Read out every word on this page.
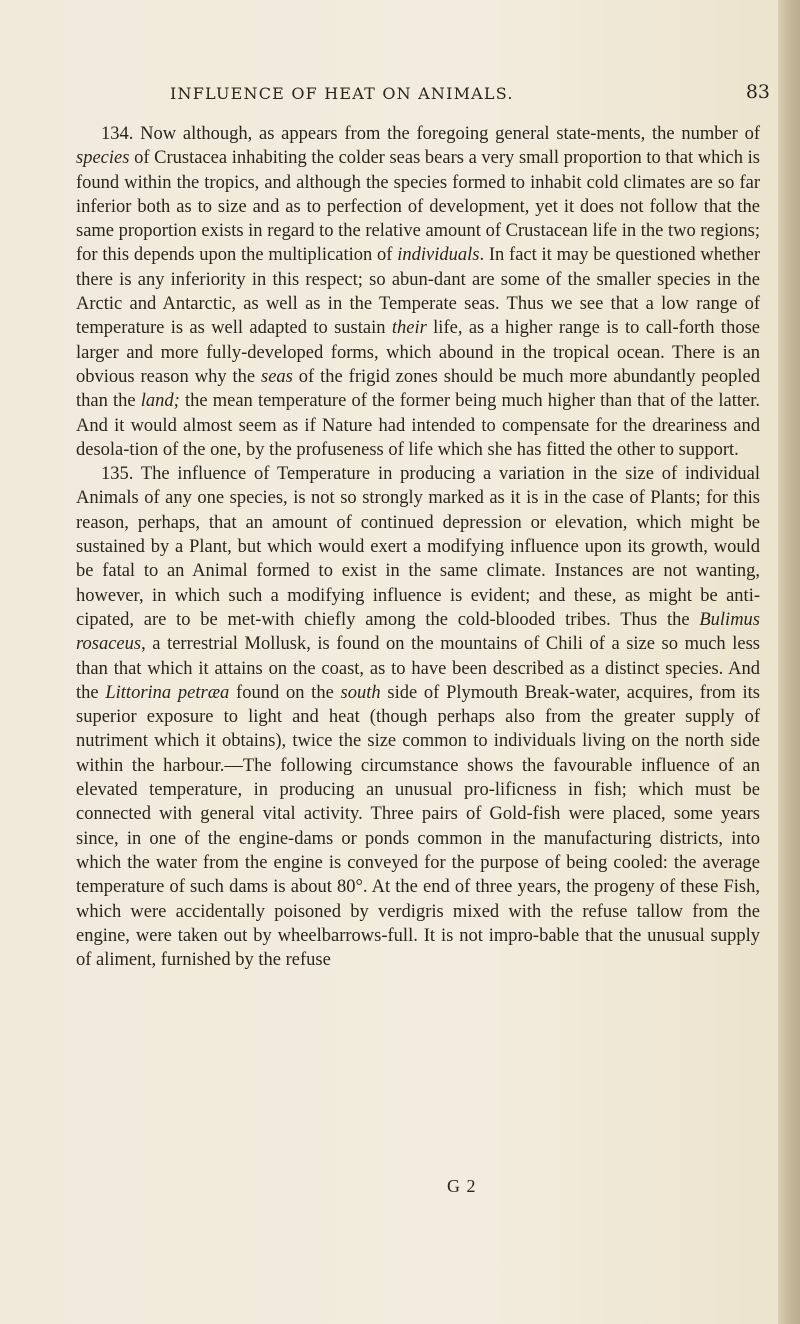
INFLUENCE OF HEAT ON ANIMALS.	83

134. Now although, as appears from the foregoing general state-ments, the number of species of Crustacea inhabiting the colder seas bears a very small proportion to that which is found within the tropics, and although the species formed to inhabit cold climates are so far inferior both as to size and as to perfection of development, yet it does not follow that the same proportion exists in regard to the relative amount of Crustacean life in the two regions; for this depends upon the multiplication of individuals. In fact it may be questioned whether there is any inferiority in this respect; so abun-dant are some of the smaller species in the Arctic and Antarctic, as well as in the Temperate seas. Thus we see that a low range of temperature is as well adapted to sustain their life, as a higher range is to call-forth those larger and more fully-developed forms, which abound in the tropical ocean. There is an obvious reason why the seas of the frigid zones should be much more abundantly peopled than the land; the mean temperature of the former being much higher than that of the latter. And it would almost seem as if Nature had intended to compensate for the dreariness and desola-tion of the one, by the profuseness of life which she has fitted the other to support.

135. The influence of Temperature in producing a variation in the size of individual Animals of any one species, is not so strongly marked as it is in the case of Plants; for this reason, perhaps, that an amount of continued depression or elevation, which might be sustained by a Plant, but which would exert a modifying influence upon its growth, would be fatal to an Animal formed to exist in the same climate. Instances are not wanting, however, in which such a modifying influence is evident; and these, as might be anti-cipated, are to be met-with chiefly among the cold-blooded tribes. Thus the Bulimus rosaceus, a terrestrial Mollusk, is found on the mountains of Chili of a size so much less than that which it attains on the coast, as to have been described as a distinct species. And the Littorina petræa found on the south side of Plymouth Break-water, acquires, from its superior exposure to light and heat (though perhaps also from the greater supply of nutriment which it obtains), twice the size common to individuals living on the north side within the harbour.—The following circumstance shows the favourable influence of an elevated temperature, in producing an unusual pro-lificness in fish; which must be connected with general vital activity. Three pairs of Gold-fish were placed, some years since, in one of the engine-dams or ponds common in the manufacturing districts, into which the water from the engine is conveyed for the purpose of being cooled: the average temperature of such dams is about 80°. At the end of three years, the progeny of these Fish, which were accidentally poisoned by verdigris mixed with the refuse tallow from the engine, were taken out by wheelbarrows-full. It is not impro-bable that the unusual supply of aliment, furnished by the refuse

G 2
